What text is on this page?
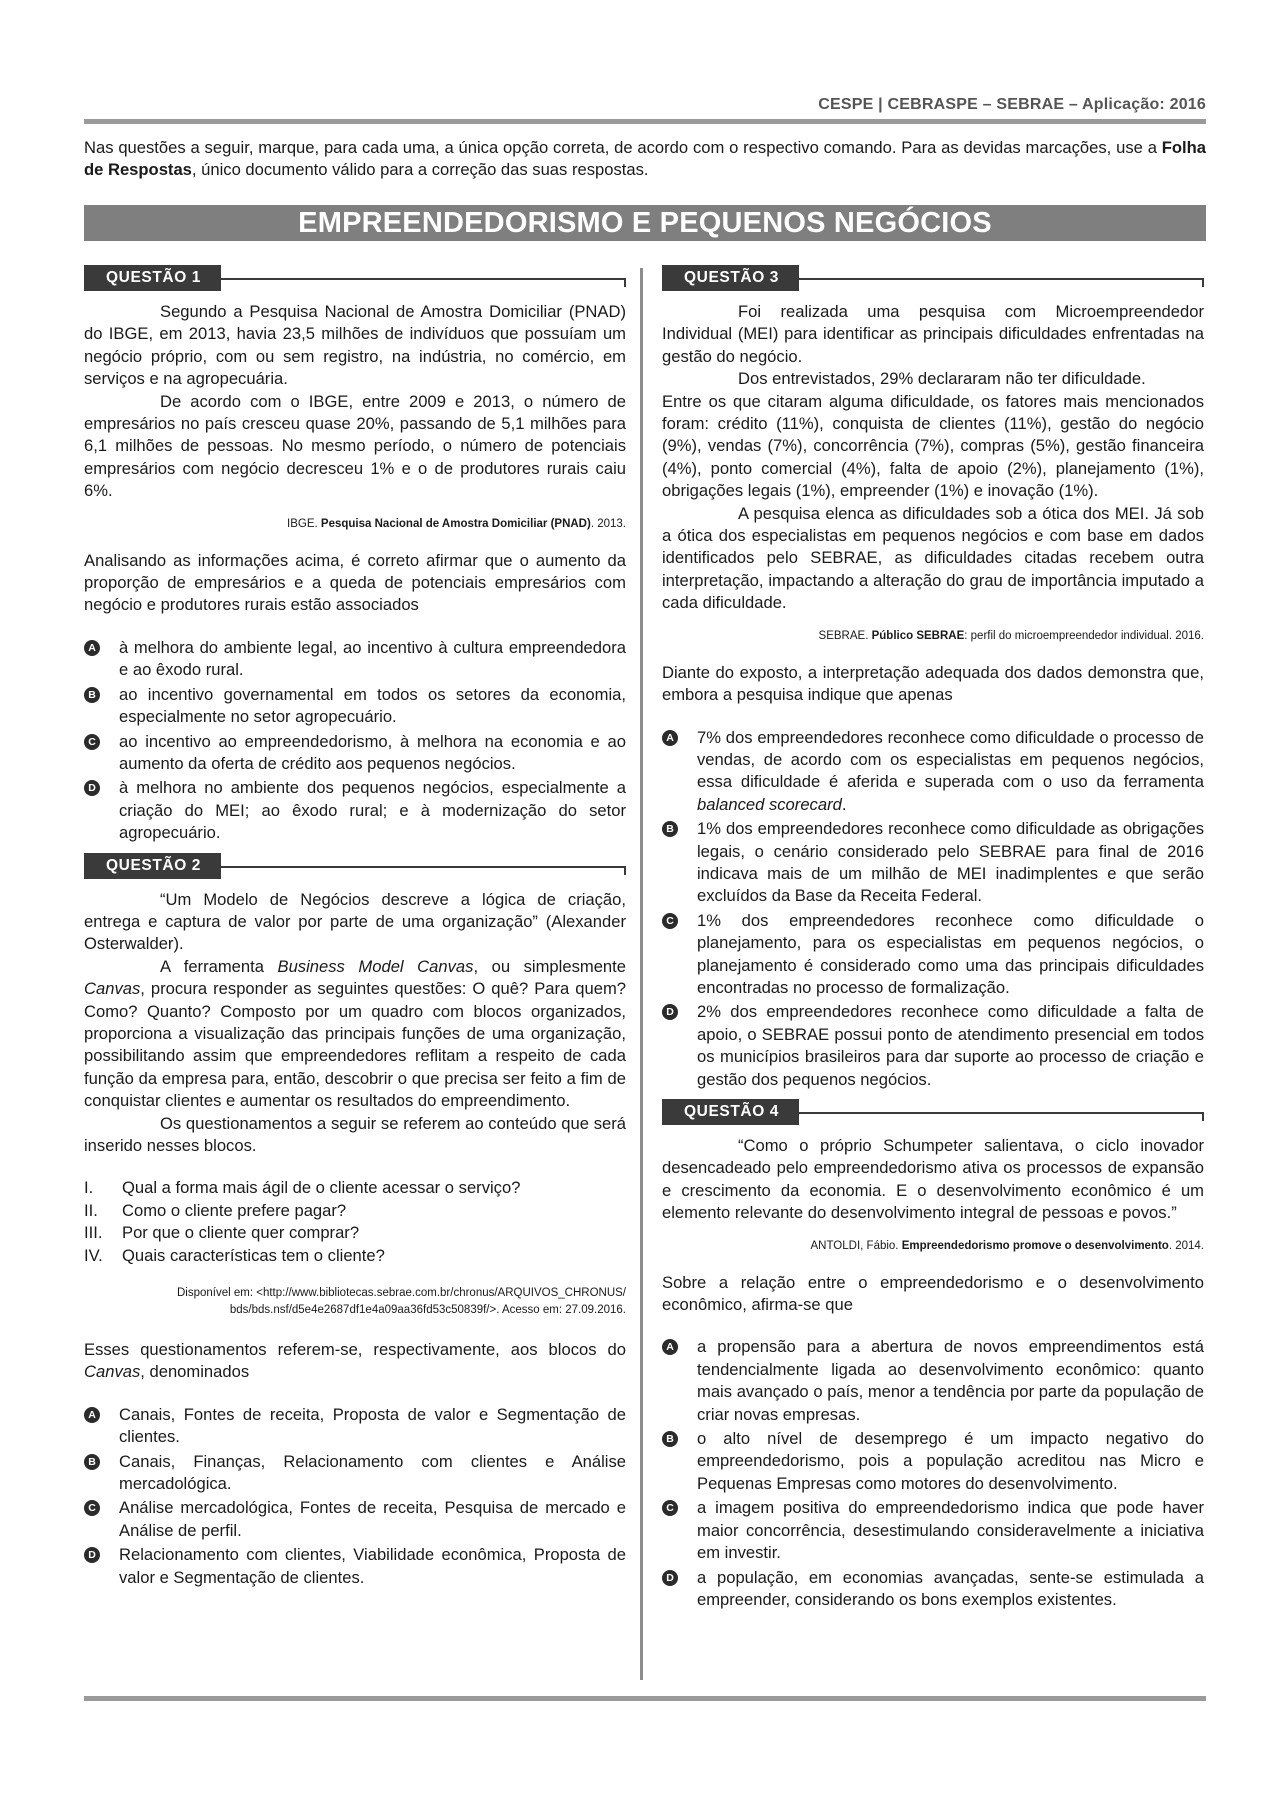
CESPE | CEBRASPE – SEBRAE – Aplicação: 2016
Nas questões a seguir, marque, para cada uma, a única opção correta, de acordo com o respectivo comando. Para as devidas marcações, use a Folha de Respostas, único documento válido para a correção das suas respostas.
EMPREENDEDORISMO E PEQUENOS NEGÓCIOS
QUESTÃO 1

Segundo a Pesquisa Nacional de Amostra Domiciliar (PNAD) do IBGE, em 2013, havia 23,5 milhões de indivíduos que possuíam um negócio próprio, com ou sem registro, na indústria, no comércio, em serviços e na agropecuária.

De acordo com o IBGE, entre 2009 e 2013, o número de empresários no país cresceu quase 20%, passando de 5,1 milhões para 6,1 milhões de pessoas. No mesmo período, o número de potenciais empresários com negócio decresceu 1% e o de produtores rurais caiu 6%.

IBGE. Pesquisa Nacional de Amostra Domiciliar (PNAD). 2013.

Analisando as informações acima, é correto afirmar que o aumento da proporção de empresários e a queda de potenciais empresários com negócio e produtores rurais estão associados

A à melhora do ambiente legal, ao incentivo à cultura empreendedora e ao êxodo rural.
B ao incentivo governamental em todos os setores da economia, especialmente no setor agropecuário.
C ao incentivo ao empreendedorismo, à melhora na economia e ao aumento da oferta de crédito aos pequenos negócios.
D à melhora no ambiente dos pequenos negócios, especialmente a criação do MEI; ao êxodo rural; e à modernização do setor agropecuário.
QUESTÃO 2

“Um Modelo de Negócios descreve a lógica de criação, entrega e captura de valor por parte de uma organização” (Alexander Osterwalder).

A ferramenta Business Model Canvas, ou simplesmente Canvas, procura responder as seguintes questões: O quê? Para quem? Como? Quanto? Composto por um quadro com blocos organizados, proporciona a visualização das principais funções de uma organização, possibilitando assim que empreendedores reflitam a respeito de cada função da empresa para, então, descobrir o que precisa ser feito a fim de conquistar clientes e aumentar os resultados do empreendimento.

Os questionamentos a seguir se referem ao conteúdo que será inserido nesses blocos.

I.	Qual a forma mais ágil de o cliente acessar o serviço?
II.	Como o cliente prefere pagar?
III.	Por que o cliente quer comprar?
IV.	Quais características tem o cliente?
Disponível em: <http://www.bibliotecas.sebrae.com.br/chronus/ARQUIVOS_CHRONUS/
bds/bds.nsf/d5e4e2687df1e4a09aa36fd53c50839f/>. Acesso em: 27.09.2016.

Esses questionamentos referem-se, respectivamente, aos blocos do Canvas, denominados

A Canais, Fontes de receita, Proposta de valor e Segmentação de clientes.
B Canais, Finanças, Relacionamento com clientes e Análise mercadológica.
C Análise mercadológica, Fontes de receita, Pesquisa de mercado e Análise de perfil.
D Relacionamento com clientes, Viabilidade econômica, Proposta de valor e Segmentação de clientes.
QUESTÃO 3

Foi realizada uma pesquisa com Microempreendedor Individual (MEI) para identificar as principais dificuldades enfrentadas na gestão do negócio.

Dos entrevistados, 29% declararam não ter dificuldade.

Entre os que citaram alguma dificuldade, os fatores mais mencionados foram: crédito (11%), conquista de clientes (11%), gestão do negócio (9%), vendas (7%), concorrência (7%), compras (5%), gestão financeira (4%), ponto comercial (4%), falta de apoio (2%), planejamento (1%), obrigações legais (1%), empreender (1%) e inovação (1%).

A pesquisa elenca as dificuldades sob a ótica dos MEI. Já sob a ótica dos especialistas em pequenos negócios e com base em dados identificados pelo SEBRAE, as dificuldades citadas recebem outra interpretação, impactando a alteração do grau de importância imputado a cada dificuldade.

SEBRAE. Público SEBRAE: perfil do microempreendedor individual. 2016.

Diante do exposto, a interpretação adequada dos dados demonstra que, embora a pesquisa indique que apenas

A 7% dos empreendedores reconhece como dificuldade o processo de vendas, de acordo com os especialistas em pequenos negócios, essa dificuldade é aferida e superada com o uso da ferramenta balanced scorecard.
B 1% dos empreendedores reconhece como dificuldade as obrigações legais, o cenário considerado pelo SEBRAE para final de 2016 indicava mais de um milhão de MEI inadimplentes e que serão excluídos da Base da Receita Federal.
C 1% dos empreendedores reconhece como dificuldade o planejamento, para os especialistas em pequenos negócios, o planejamento é considerado como uma das principais dificuldades encontradas no processo de formalização.
D 2% dos empreendedores reconhece como dificuldade a falta de apoio, o SEBRAE possui ponto de atendimento presencial em todos os municípios brasileiros para dar suporte ao processo de criação e gestão dos pequenos negócios.
QUESTÃO 4

“Como o próprio Schumpeter salientava, o ciclo inovador desencadeado pelo empreendedorismo ativa os processos de expansão e crescimento da economia. E o desenvolvimento econômico é um elemento relevante do desenvolvimento integral de pessoas e povos.”

ANTOLDI, Fábio. Empreendedorismo promove o desenvolvimento. 2014.

Sobre a relação entre o empreendedorismo e o desenvolvimento econômico, afirma-se que

A a propensão para a abertura de novos empreendimentos está tendencialmente ligada ao desenvolvimento econômico: quanto mais avançado o país, menor a tendência por parte da população de criar novas empresas.
B o alto nível de desemprego é um impacto negativo do empreendedorismo, pois a população acreditou nas Micro e Pequenas Empresas como motores do desenvolvimento.
C a imagem positiva do empreendedorismo indica que pode haver maior concorrência, desestimulando consideravelmente a iniciativa em investir.
D a população, em economias avançadas, sente-se estimulada a empreender, considerando os bons exemplos existentes.
